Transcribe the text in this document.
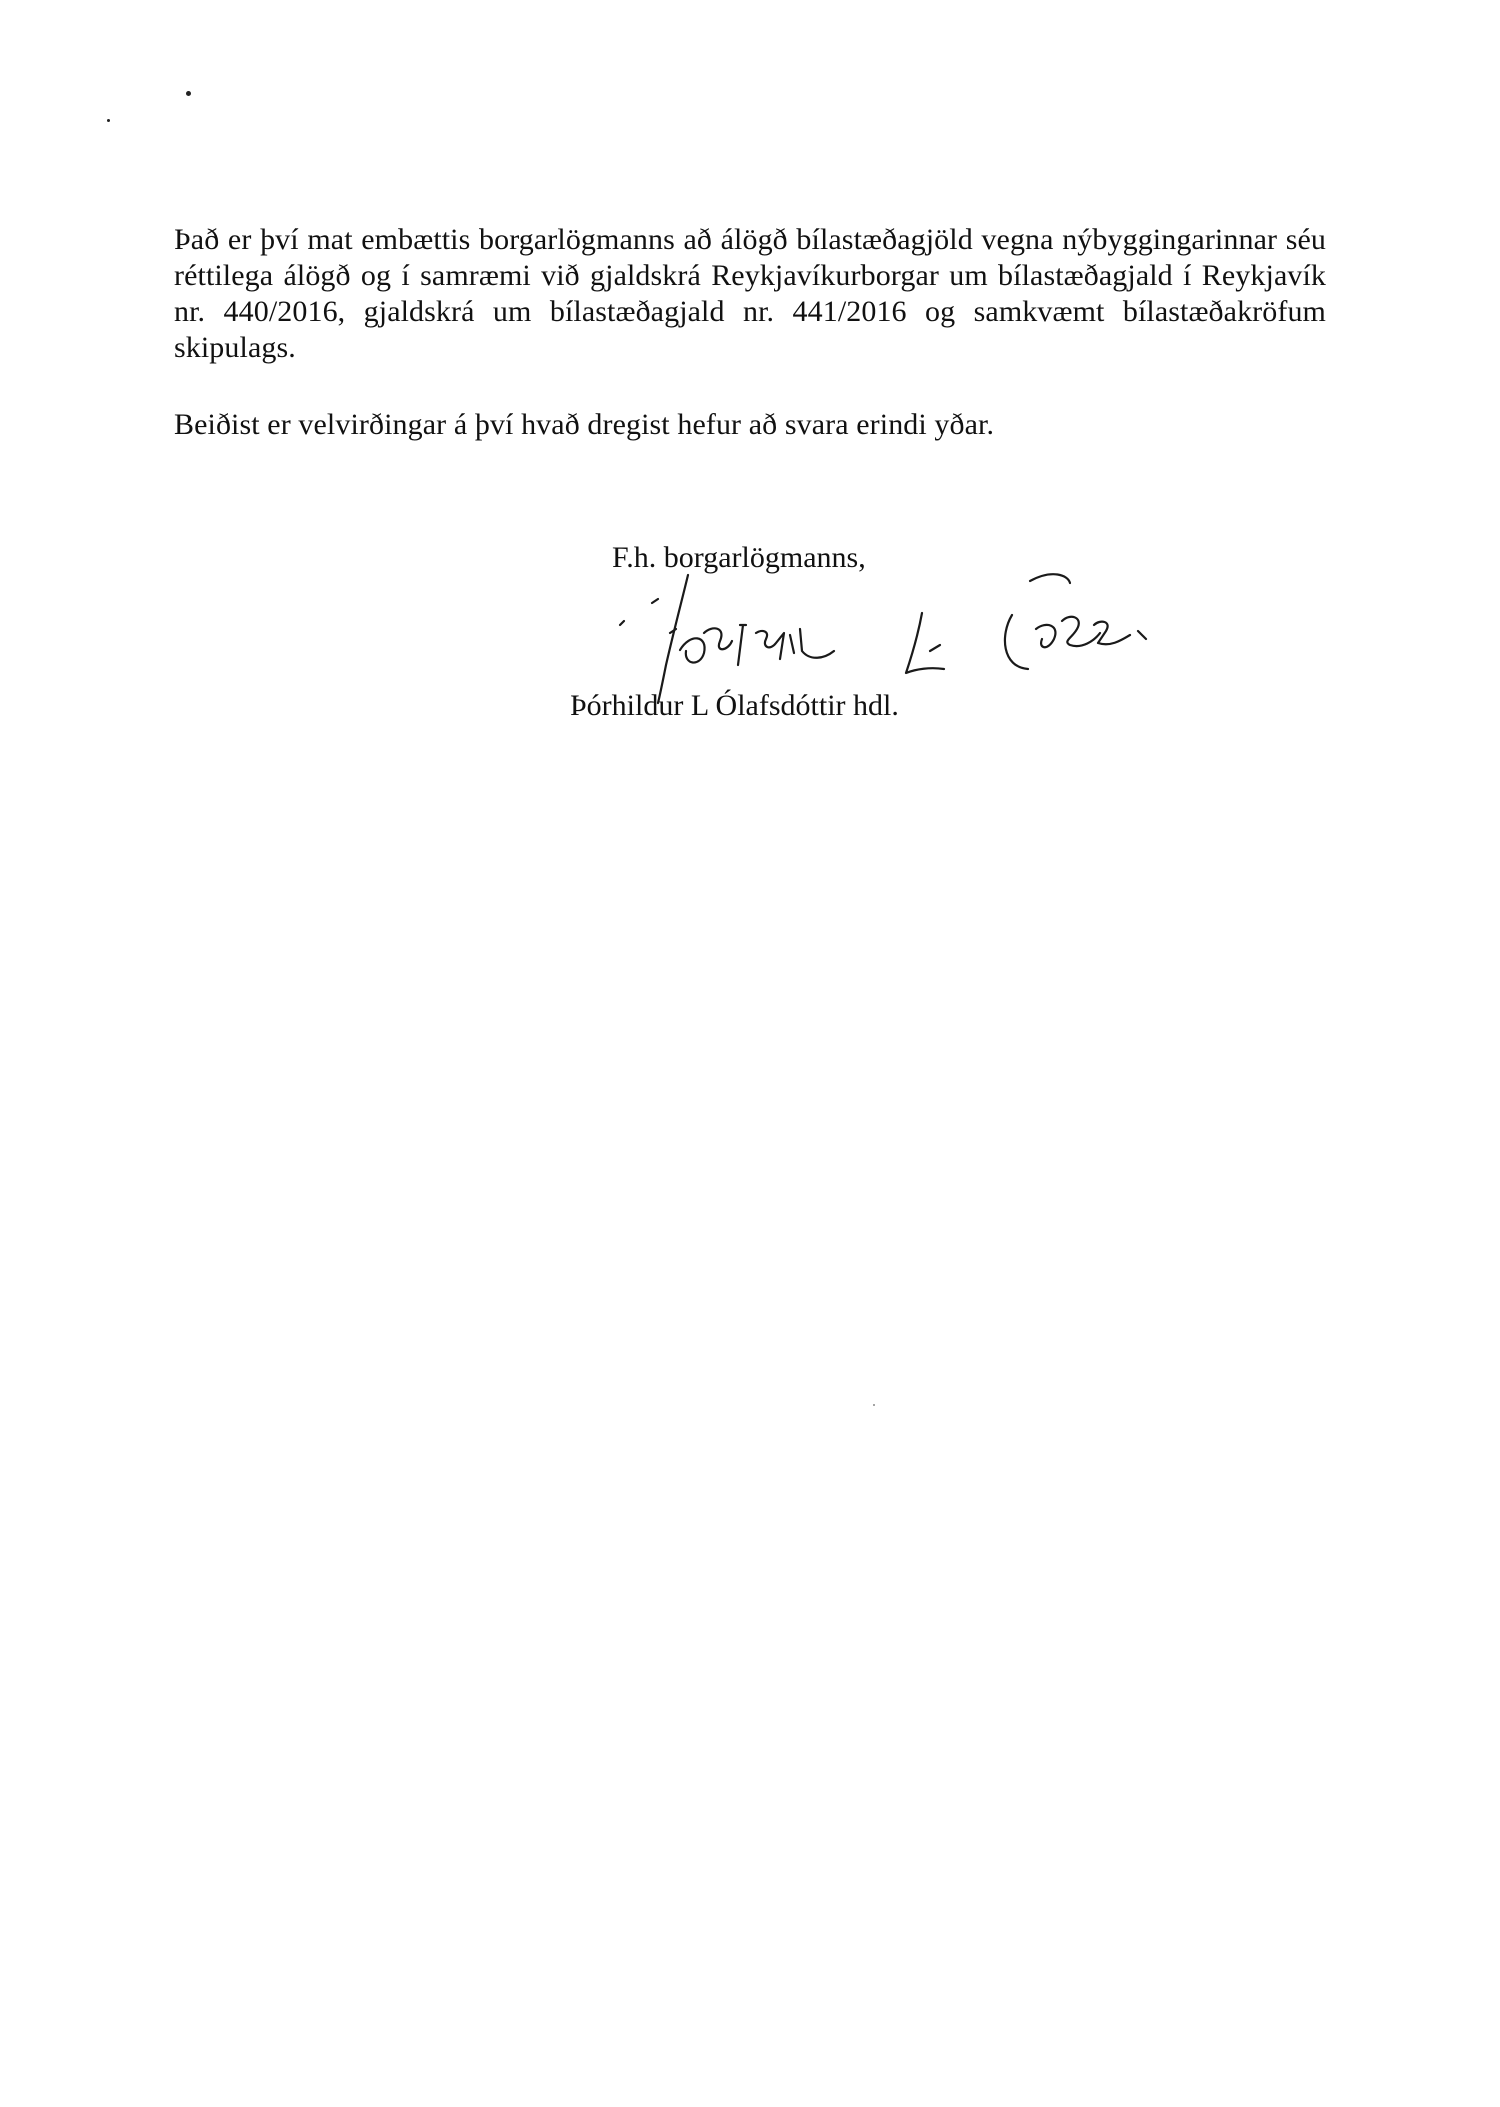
Það er því mat embættis borgarlögmanns að álögð bílastæðagjöld vegna nýbyggingarinnar séu
réttilega álögð og í samræmi við gjaldskrá Reykjavíkurborgar um bílastæðagjald í Reykjavík
nr. 440/2016, gjaldskrá um bílastæðagjald nr. 441/2016 og samkvæmt bílastæðakröfum
skipulags.
Beiðist er velvirðingar á því hvað dregist hefur að svara erindi yðar.
F.h. borgarlögmanns,
Þórhildur L Ólafsdóttir hdl.
